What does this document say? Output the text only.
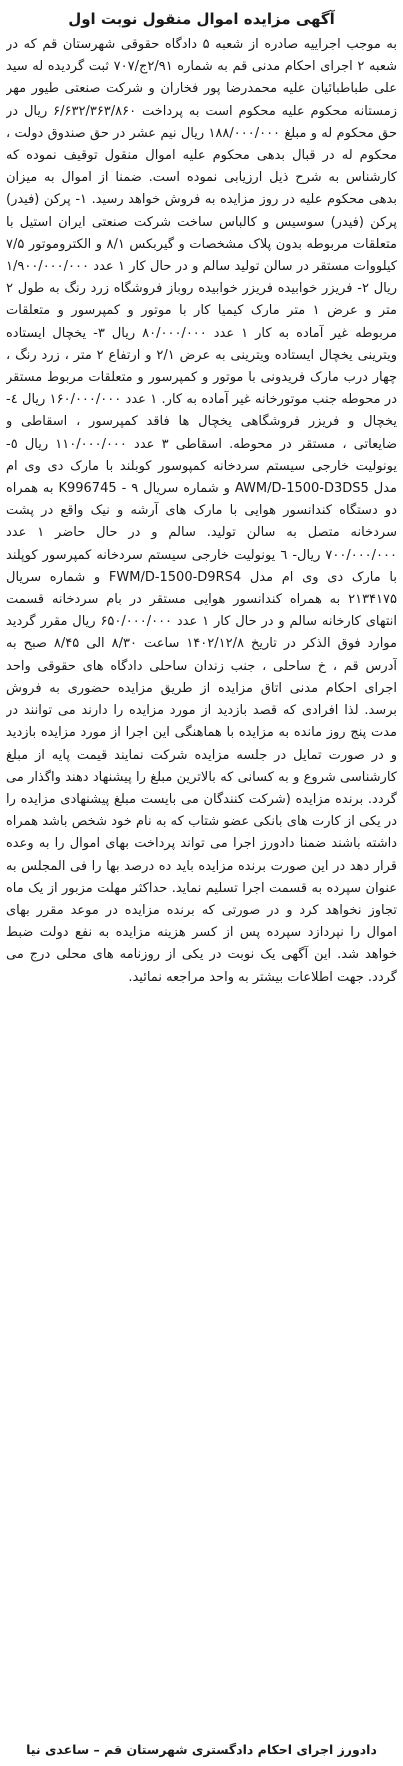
آگهی مزایده اموال منقول نوبت اول

به موجب اجراییه صادره از شعبه ۵ دادگاه حقوقی شهرستان قم که در شعبه ۲ اجرای احکام مدنی قم به شماره ۲/۹۱ج/۷۰۷ ثبت گردیده له سید علی طباطبائیان علیه محمدرضا پور فخاران و شرکت صنعتی طیور مهر زمستانه محکوم علیه محکوم است به پرداخت ۶/۶۳۲/۳۶۳/۸۶۰ ریال در حق محکوم له و مبلغ ۱۸۸/۰۰۰/۰۰۰ ریال نیم عشر در حق صندوق دولت ، محکوم له در قبال بدهی محکوم علیه اموال منقول توقیف نموده که کارشناس به شرح ذیل ارزیابی نموده است. ضمنا از اموال به میزان بدهی محکوم علیه در روز مزایده به فروش خواهد رسید. ۱- پرکن (فیدر) پرکن (فیدر) سوسیس و کالباس ساخت شرکت صنعتی ایران استیل با متعلقات مربوطه بدون پلاک مشخصات و گیربکس ۸/۱ و الکتروموتور ۷/۵ کیلووات مستقر در سالن تولید سالم و در حال کار ۱ عدد ۱/۹۰۰/۰۰۰/۰۰۰ ریال ۲- فریزر خوابیده فریزر خوابیده روباز فروشگاه زرد رنگ به طول ۲ متر و عرض ۱ متر مارک کیمیا کار با موتور و کمپرسور و متعلقات مربوطه غیر آماده به کار ۱ عدد ۸۰/۰۰۰/۰۰۰ ریال ۳- یخچال ایستاده ویترینی یخچال ایستاده ویترینی به عرض ۲/۱ و ارتفاع ۲ متر ، زرد رنگ ، چهار درب مارک فریدونی با موتور و کمپرسور و متعلقات مربوط مستقر در محوطه جنب موتورخانه غیر آماده به کار. ۱ عدد ۱۶۰/۰۰۰/۰۰۰ ریال ٤- یخچال و فریزر فروشگاهی یخچال ها فاقد کمپرسور ، اسقاطی و ضایعاتی ، مستقر در محوطه. اسقاطی ۳ عدد ۱۱۰/۰۰۰/۰۰۰ ریال ٥- یونولیت خارجی سیستم سردخانه کمپوسور کوبلند با مارک دی وی ام مدل AWM/D-1500-D3DS5 و شماره سریال ۹ - K996745 به همراه دو دستگاه کندانسور هوایی با مارک های آرشه و نیک واقع در پشت سردخانه متصل به سالن تولید. سالم و در حال حاضر ۱ عدد ۷۰۰/۰۰۰/۰۰۰ ریال- ٦ یونولیت خارجی سیستم سردخانه کمپرسور کوپلند با مارک دی وی ام مدل FWM/D-1500-D9RS4 و شماره سریال ۲۱۳۴۱۷۵ به همراه کندانسور هوایی مستقر در بام سردخانه قسمت انتهای کارخانه سالم و در حال کار ۱ عدد ۶۵۰/۰۰۰/۰۰۰ ریال مقرر گردید موارد فوق الذکر در تاریخ ۱۴۰۲/۱۲/۸ ساعت ۸/۳۰ الی ۸/۴۵ صبح به آدرس قم ، خ ساحلی ، جنب زندان ساحلی دادگاه های حقوقی واحد اجرای احکام مدنی اتاق مزایده از طریق مزایده حضوری به فروش برسد. لذا افرادی که قصد بازدید از مورد مزایده را دارند می توانند در مدت پنج روز مانده به مزایده با هماهنگی این اجرا از مورد مزایده بازدید و در صورت تمایل در جلسه مزایده شرکت نمایند قیمت پایه از مبلغ کارشناسی شروع و به کسانی که بالاترین مبلغ را پیشنهاد دهند واگذار می گردد. برنده مزایده (شرکت کنندگان می بایست مبلغ پیشنهادی مزایده را در یکی از کارت های بانکی عضو شتاب که به نام خود شخص باشد همراه داشته باشند ضمنا دادورز اجرا می تواند پرداخت بهای اموال را به وعده قرار دهد در این صورت برنده مزایده باید ده درصد بها را فی المجلس به عنوان سپرده به قسمت اجرا تسلیم نماید. حداکثر مهلت مزبور از یک ماه تجاوز نخواهد کرد و در صورتی که برنده مزایده در موعد مقرر بهای اموال را نپردازد سپرده پس از کسر هزینه مزایده به نفع دولت ضبط خواهد شد. این آگهی یک نوبت در یکی از روزنامه های محلی درج می گردد. جهت اطلاعات بیشتر به واحد مراجعه نمائید.

دادورز اجرای احکام دادگستری شهرستان قم – ساعدی نیا
